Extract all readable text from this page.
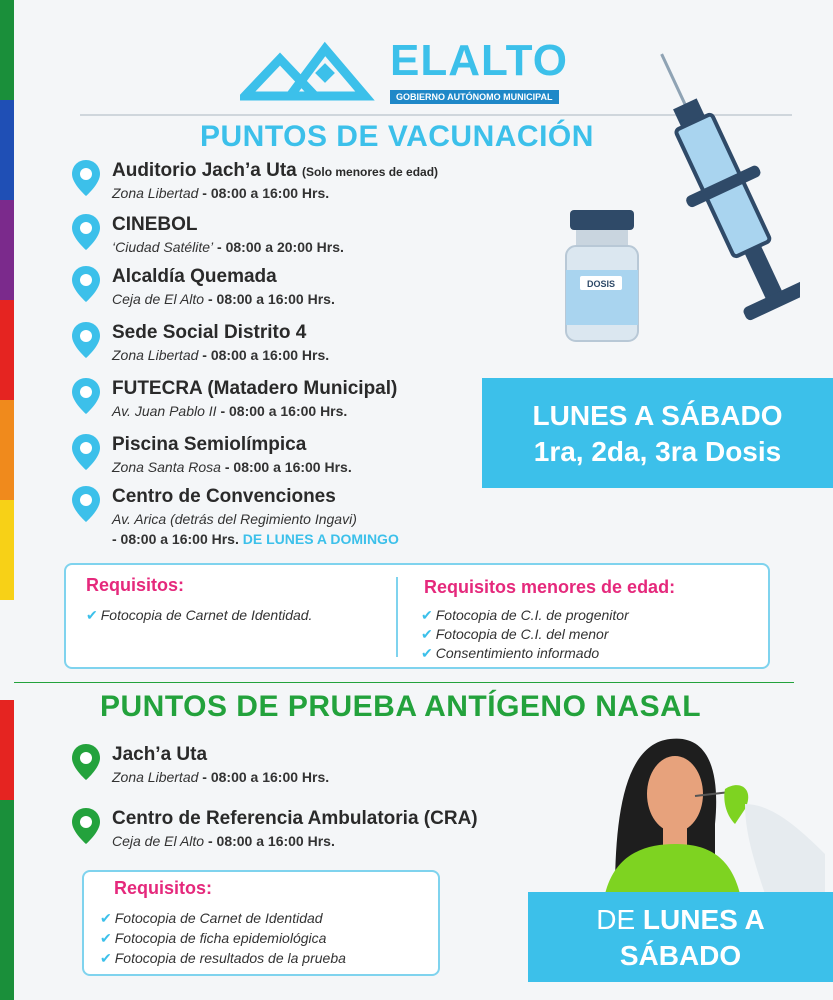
ELALTO
GOBIERNO AUTÓNOMO MUNICIPAL
PUNTOS DE VACUNACIÓN
DOSIS
Auditorio Jach’a Uta (Solo menores de edad)
Zona Libertad - 08:00 a 16:00 Hrs.
CINEBOL
‘Ciudad Satélite’ - 08:00 a 20:00 Hrs.
Alcaldía Quemada
Ceja de El Alto - 08:00 a 16:00 Hrs.
Sede Social Distrito 4
Zona Libertad - 08:00 a 16:00 Hrs.
FUTECRA (Matadero Municipal)
Av. Juan Pablo II - 08:00 a 16:00 Hrs.
Piscina Semiolímpica
Zona Santa Rosa - 08:00 a 16:00 Hrs.
Centro de Convenciones
Av. Arica (detrás del Regimiento Ingavi)
- 08:00 a 16:00 Hrs. DE LUNES A DOMINGO
LUNES A SÁBADO
1ra, 2da, 3ra Dosis
Requisitos:
✔ Fotocopia de Carnet de Identidad.
Requisitos menores de edad:
✔ Fotocopia de C.I. de progenitor
✔ Fotocopia de C.I. del menor
✔ Consentimiento informado
PUNTOS DE PRUEBA ANTÍGENO NASAL
Jach’a Uta
Zona Libertad - 08:00 a 16:00 Hrs.
Centro de Referencia Ambulatoria (CRA)
Ceja de El Alto - 08:00 a 16:00 Hrs.
Requisitos:
✔ Fotocopia de Carnet de Identidad
✔ Fotocopia de ficha epidemiológica
✔ Fotocopia de resultados de la prueba
DE LUNES A
SÁBADO
